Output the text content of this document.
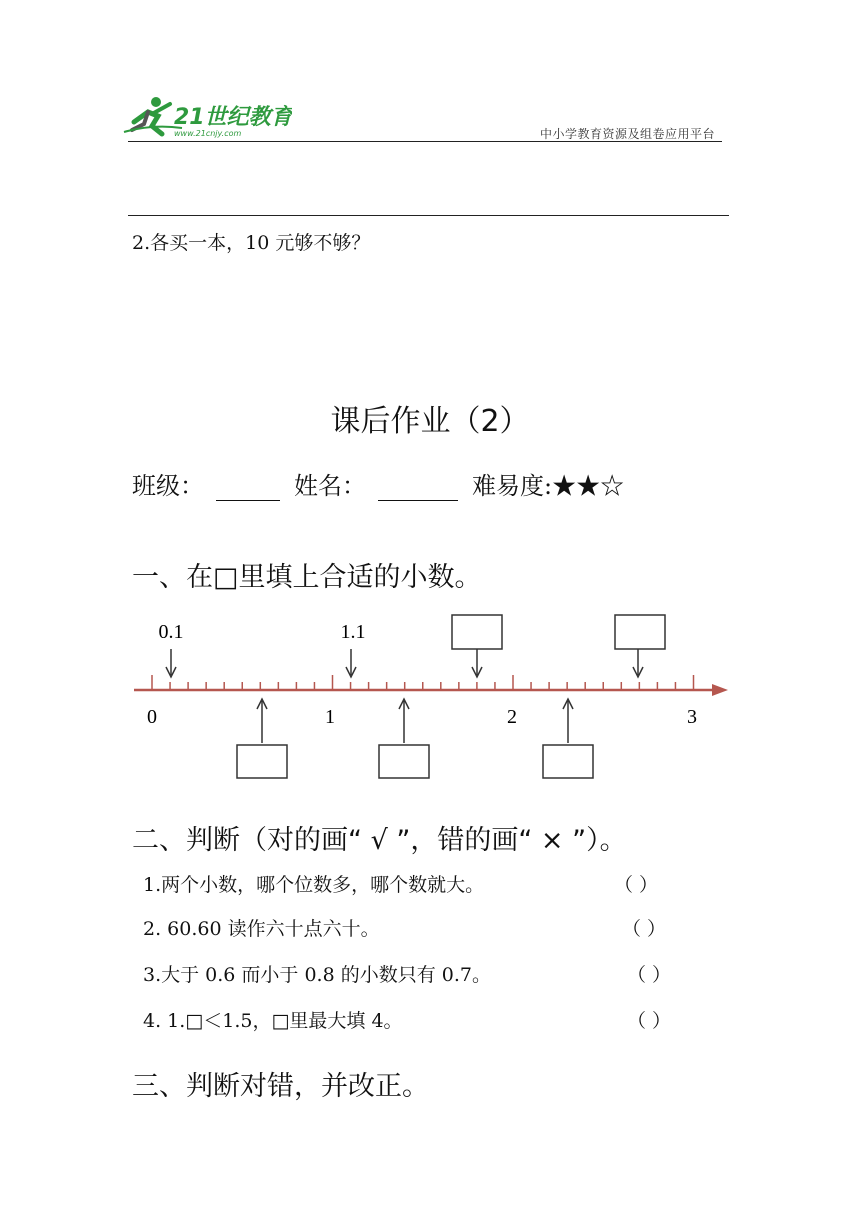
21世纪教育
www.21cnjy.com	中小学教育资源及组卷应用平台
2.各买一本，10 元够不够？
课后作业（2）
班级：	姓名：	难易度:★★☆
一、在□里填上合适的小数。
0	1	2	3
0.1	1.1
二、判断（对的画“ √ ”，错的画“ × ”）。
1.两个小数，哪个位数多，哪个数就大。	（ ）
2. 60.60 读作六十点六十。	（ ）
3.大于 0.6 而小于 0.8 的小数只有 0.7。	（ ）
4. 1.□＜1.5，□里最大填 4。	（ ）
三、判断对错，并改正。
